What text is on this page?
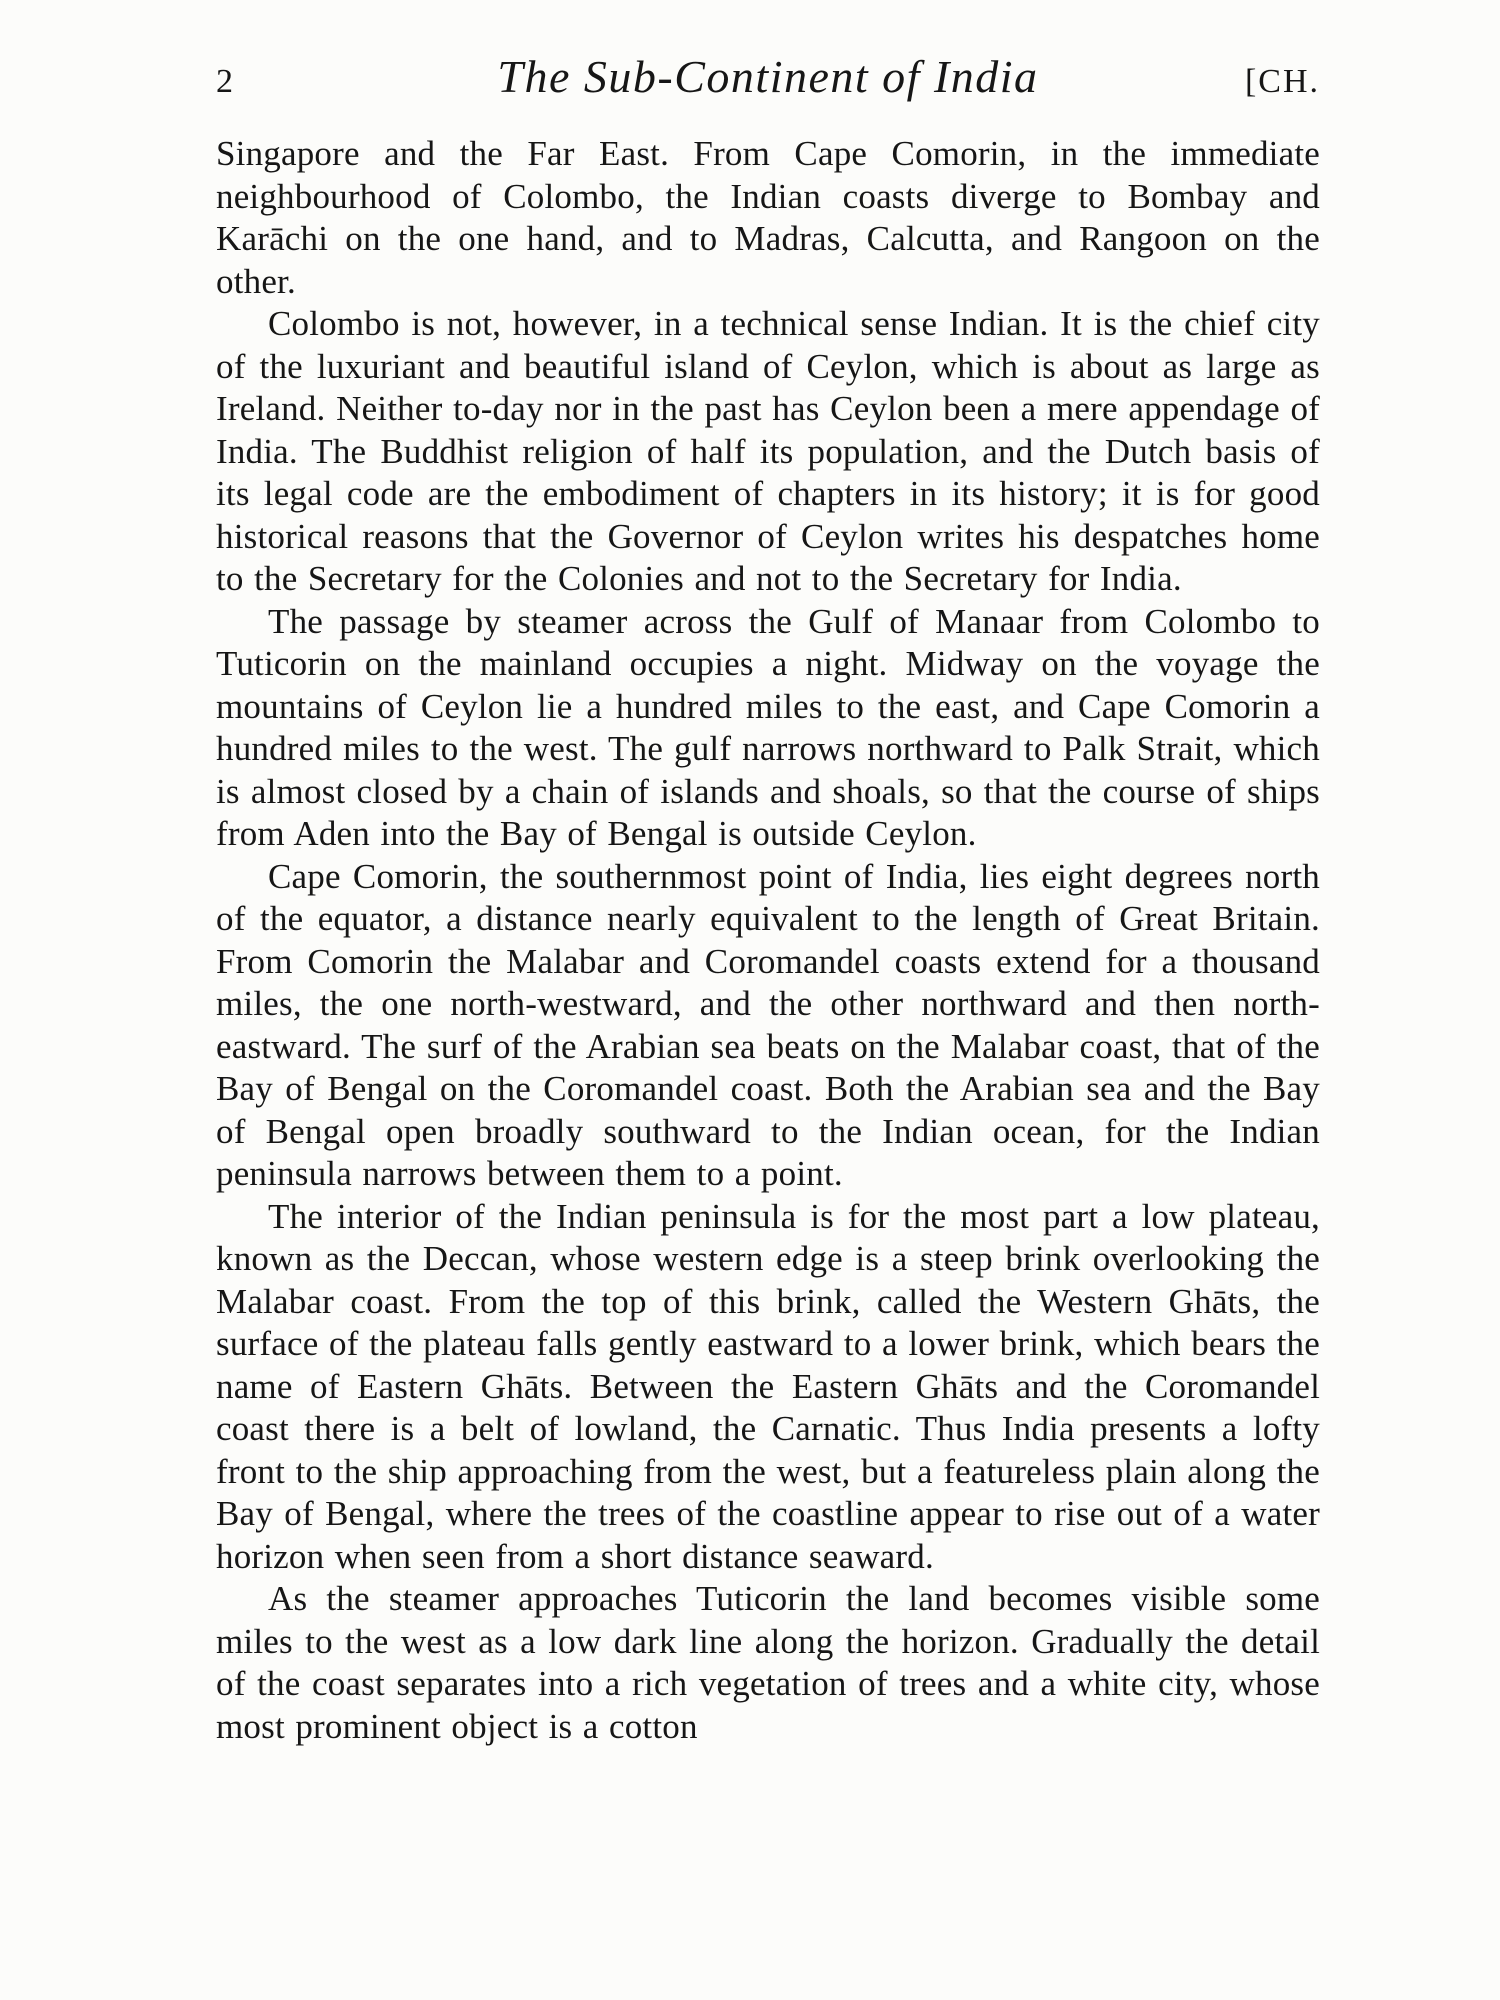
2	The Sub-Continent of India	[CH.

Singapore and the Far East. From Cape Comorin, in the immediate neighbourhood of Colombo, the Indian coasts diverge to Bombay and Karāchi on the one hand, and to Madras, Calcutta, and Rangoon on the other.

Colombo is not, however, in a technical sense Indian. It is the chief city of the luxuriant and beautiful island of Ceylon, which is about as large as Ireland. Neither to-day nor in the past has Ceylon been a mere appendage of India. The Buddhist religion of half its population, and the Dutch basis of its legal code are the embodiment of chapters in its history; it is for good historical reasons that the Governor of Ceylon writes his despatches home to the Secretary for the Colonies and not to the Secretary for India.

The passage by steamer across the Gulf of Manaar from Colombo to Tuticorin on the mainland occupies a night. Midway on the voyage the mountains of Ceylon lie a hundred miles to the east, and Cape Comorin a hundred miles to the west. The gulf narrows northward to Palk Strait, which is almost closed by a chain of islands and shoals, so that the course of ships from Aden into the Bay of Bengal is outside Ceylon.

Cape Comorin, the southernmost point of India, lies eight degrees north of the equator, a distance nearly equivalent to the length of Great Britain. From Comorin the Malabar and Coromandel coasts extend for a thousand miles, the one north-westward, and the other northward and then north-eastward. The surf of the Arabian sea beats on the Malabar coast, that of the Bay of Bengal on the Coromandel coast. Both the Arabian sea and the Bay of Bengal open broadly southward to the Indian ocean, for the Indian peninsula narrows between them to a point.

The interior of the Indian peninsula is for the most part a low plateau, known as the Deccan, whose western edge is a steep brink overlooking the Malabar coast. From the top of this brink, called the Western Ghāts, the surface of the plateau falls gently eastward to a lower brink, which bears the name of Eastern Ghāts. Between the Eastern Ghāts and the Coromandel coast there is a belt of lowland, the Carnatic. Thus India presents a lofty front to the ship approaching from the west, but a featureless plain along the Bay of Bengal, where the trees of the coastline appear to rise out of a water horizon when seen from a short distance seaward.

As the steamer approaches Tuticorin the land becomes visible some miles to the west as a low dark line along the horizon. Gradually the detail of the coast separates into a rich vegetation of trees and a white city, whose most prominent object is a cotton
